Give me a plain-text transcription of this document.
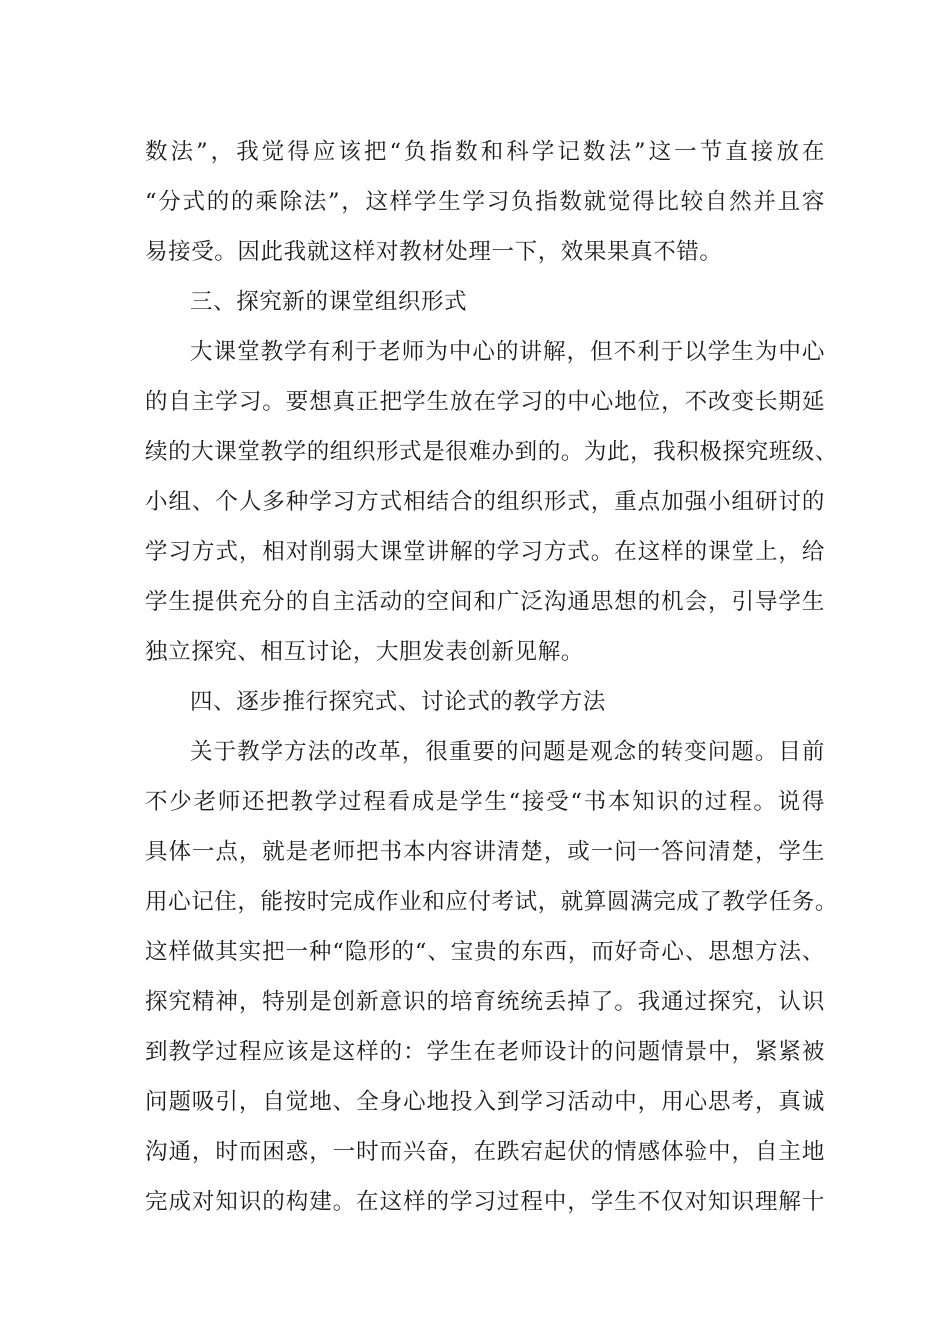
数法”，我觉得应该把“负指数和科学记数法”这一节直接放在
“分式的的乘除法”，这样学生学习负指数就觉得比较自然并且容
易接受。因此我就这样对教材处理一下，效果果真不错。
三、探究新的课堂组织形式
大课堂教学有利于老师为中心的讲解，但不利于以学生为中心
的自主学习。要想真正把学生放在学习的中心地位，不改变长期延
续的大课堂教学的组织形式是很难办到的。为此，我积极探究班级、
小组、个人多种学习方式相结合的组织形式，重点加强小组研讨的
学习方式，相对削弱大课堂讲解的学习方式。在这样的课堂上，给
学生提供充分的自主活动的空间和广泛沟通思想的机会，引导学生
独立探究、相互讨论，大胆发表创新见解。
四、逐步推行探究式、讨论式的教学方法
关于教学方法的改革，很重要的问题是观念的转变问题。目前
不少老师还把教学过程看成是学生“接受“书本知识的过程。说得
具体一点，就是老师把书本内容讲清楚，或一问一答问清楚，学生
用心记住，能按时完成作业和应付考试，就算圆满完成了教学任务。
这样做其实把一种“隐形的“、宝贵的东西，而好奇心、思想方法、
探究精神，特别是创新意识的培育统统丢掉了。我通过探究，认识
到教学过程应该是这样的：学生在老师设计的问题情景中，紧紧被
问题吸引，自觉地、全身心地投入到学习活动中，用心思考，真诚
沟通，时而困惑，一时而兴奋，在跌宕起伏的情感体验中，自主地
完成对知识的构建。在这样的学习过程中，学生不仅对知识理解十
